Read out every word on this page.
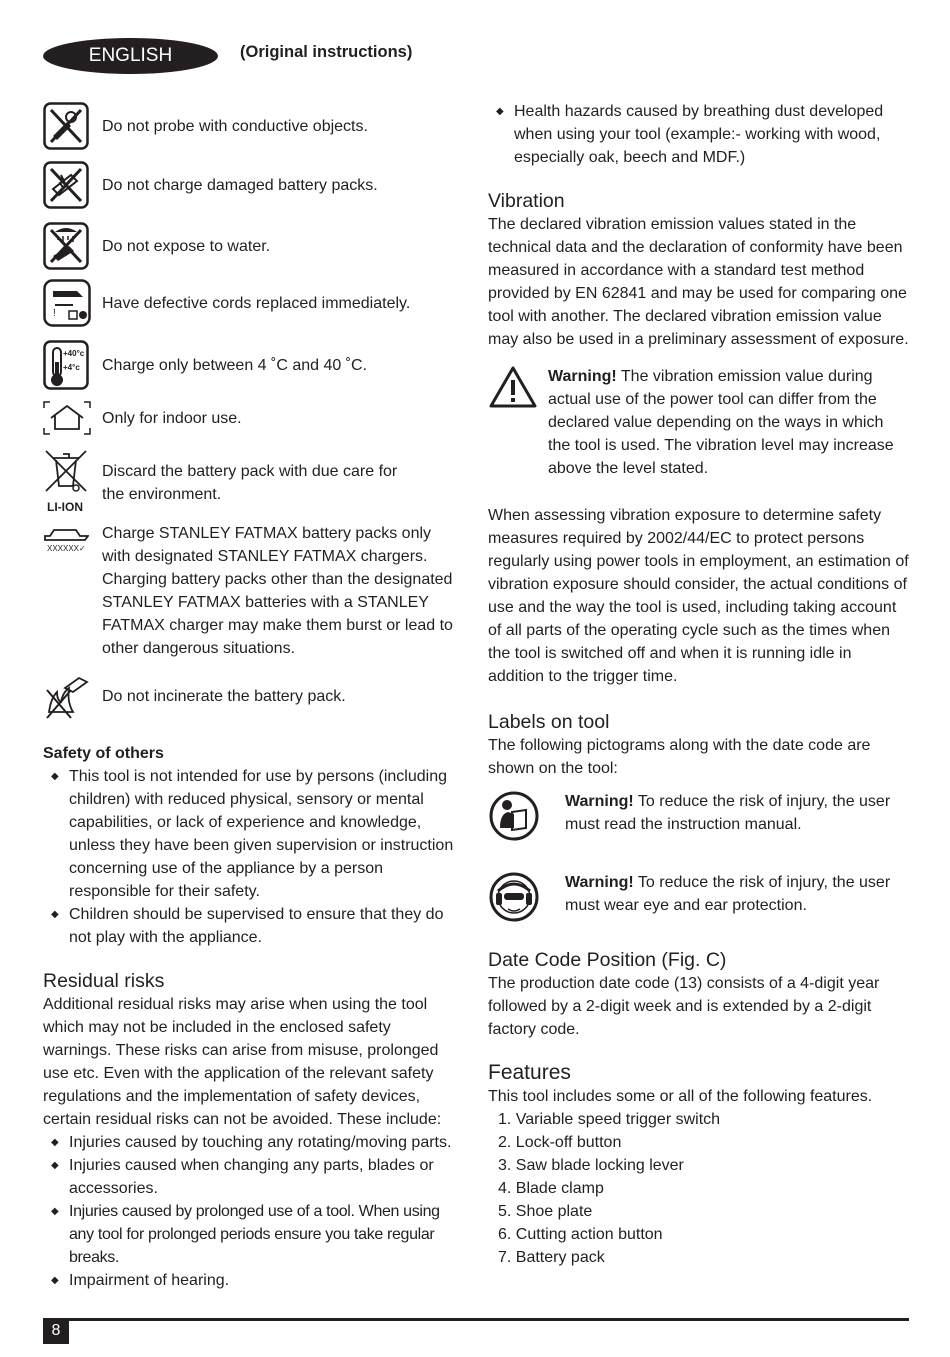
ENGLISH	(Original instructions)
Do not probe with conductive objects.
Do not charge damaged battery packs.
Do not expose to water.
!
Have defective cords replaced immediately.
+40°c
+4°c	Charge only between 4 ˚C and 40 ˚C.
Only for indoor use.
LI-ION
Discard the battery pack with due care for the environment.
XXXXXX✓
Charge STANLEY FATMAX battery packs only with designated STANLEY FATMAX chargers. Charging battery packs other than the designated STANLEY FATMAX batteries with a STANLEY FATMAX charger may make them burst or lead to other dangerous situations.
Do not incinerate the battery pack.
Safety of others
◆ This tool is not intended for use by persons (including children) with reduced physical, sensory or mental capabilities, or lack of experience and knowledge, unless they have been given supervision or instruction concerning use of the appliance by a person responsible for their safety.
◆ Children should be supervised to ensure that they do not play with the appliance.
Residual risks

Additional residual risks may arise when using the tool which may not be included in the enclosed safety warnings. These risks can arise from misuse, prolonged use etc. Even with the application of the relevant safety regulations and the implementation of safety devices, certain residual risks can not be avoided. These include:

◆ Injuries caused by touching any rotating/moving parts.
◆ Injuries caused when changing any parts, blades or accessories.
◆ Injuries caused by prolonged use of a tool. When using any tool for prolonged periods ensure you take regular breaks.
◆ Impairment of hearing.
◆ Health hazards caused by breathing dust developed when using your tool (example:- working with wood, especially oak, beech and MDF.)
Vibration

The declared vibration emission values stated in the technical data and the declaration of conformity have been measured in accordance with a standard test method provided by EN 62841 and may be used for comparing one tool with another. The declared vibration emission value may also be used in a preliminary assessment of exposure.

Warning! The vibration emission value during actual use of the power tool can differ from the declared value depending on the ways in which the tool is used. The vibration level may increase above the level stated.

When assessing vibration exposure to determine safety measures required by 2002/44/EC to protect persons regularly using power tools in employment, an estimation of vibration exposure should consider, the actual conditions of use and the way the tool is used, including taking account of all parts of the operating cycle such as the times when the tool is switched off and when it is running idle in addition to the trigger time.

Labels on tool

The following pictograms along with the date code are shown on the tool:

Warning! To reduce the risk of injury, the user must read the instruction manual.

Warning! To reduce the risk of injury, the user must wear eye and ear protection.

Date Code Position (Fig. C)

The production date code (13) consists of a 4-digit year followed by a 2-digit week and is extended by a 2-digit factory code.

Features

This tool includes some or all of the following features.

1. Variable speed trigger switch
2. Lock-off button
3. Saw blade locking lever
4. Blade clamp
5. Shoe plate
6. Cutting action button
7. Battery pack
8
